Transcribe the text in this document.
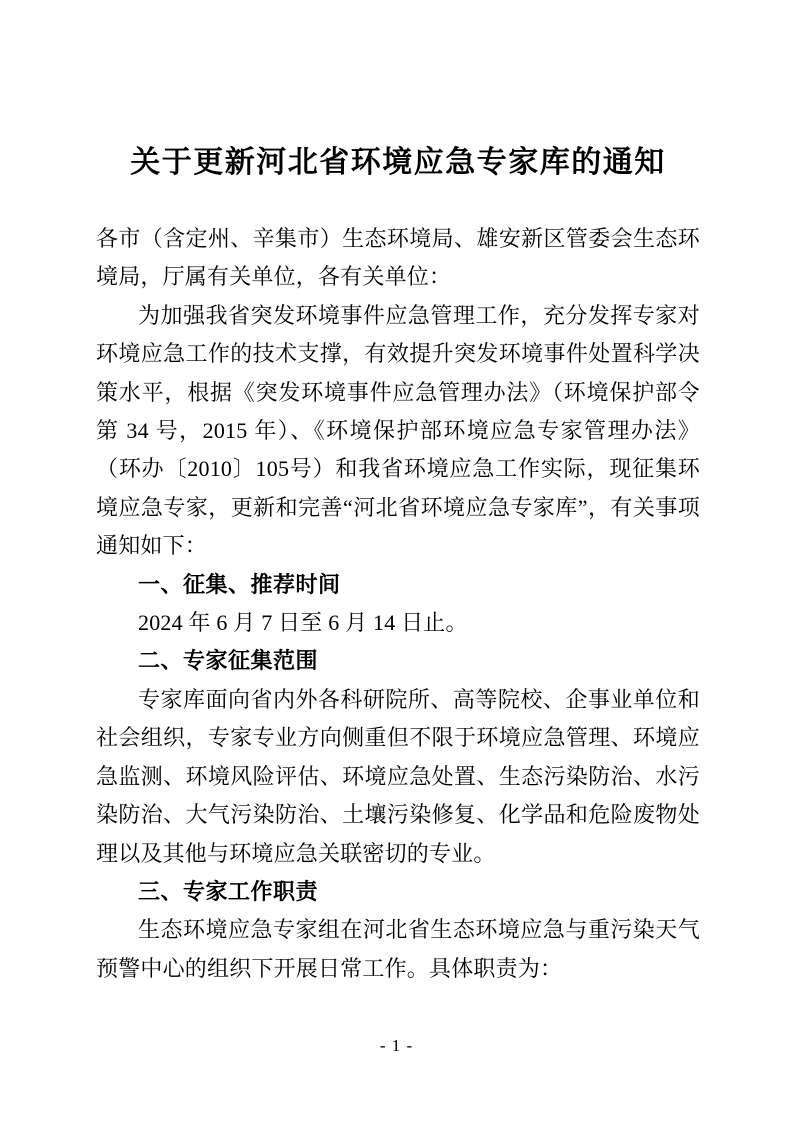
关于更新河北省环境应急专家库的通知

各市（含定州、辛集市）生态环境局、雄安新区管委会生态环境局，厅属有关单位，各有关单位：

为加强我省突发环境事件应急管理工作，充分发挥专家对环境应急工作的技术支撑，有效提升突发环境事件处置科学决策水平，根据《突发环境事件应急管理办法》（环境保护部令第 34 号，2015 年）、《环境保护部环境应急专家管理办法》（环办〔2010〕105号）和我省环境应急工作实际，现征集环境应急专家，更新和完善“河北省环境应急专家库”，有关事项通知如下：

一、征集、推荐时间

2024 年 6 月 7 日至 6 月 14 日止。

二、专家征集范围

专家库面向省内外各科研院所、高等院校、企事业单位和社会组织，专家专业方向侧重但不限于环境应急管理、环境应急监测、环境风险评估、环境应急处置、生态污染防治、水污染防治、大气污染防治、土壤污染修复、化学品和危险废物处理以及其他与环境应急关联密切的专业。

三、专家工作职责

生态环境应急专家组在河北省生态环境应急与重污染天气预警中心的组织下开展日常工作。具体职责为：

- 1 -
